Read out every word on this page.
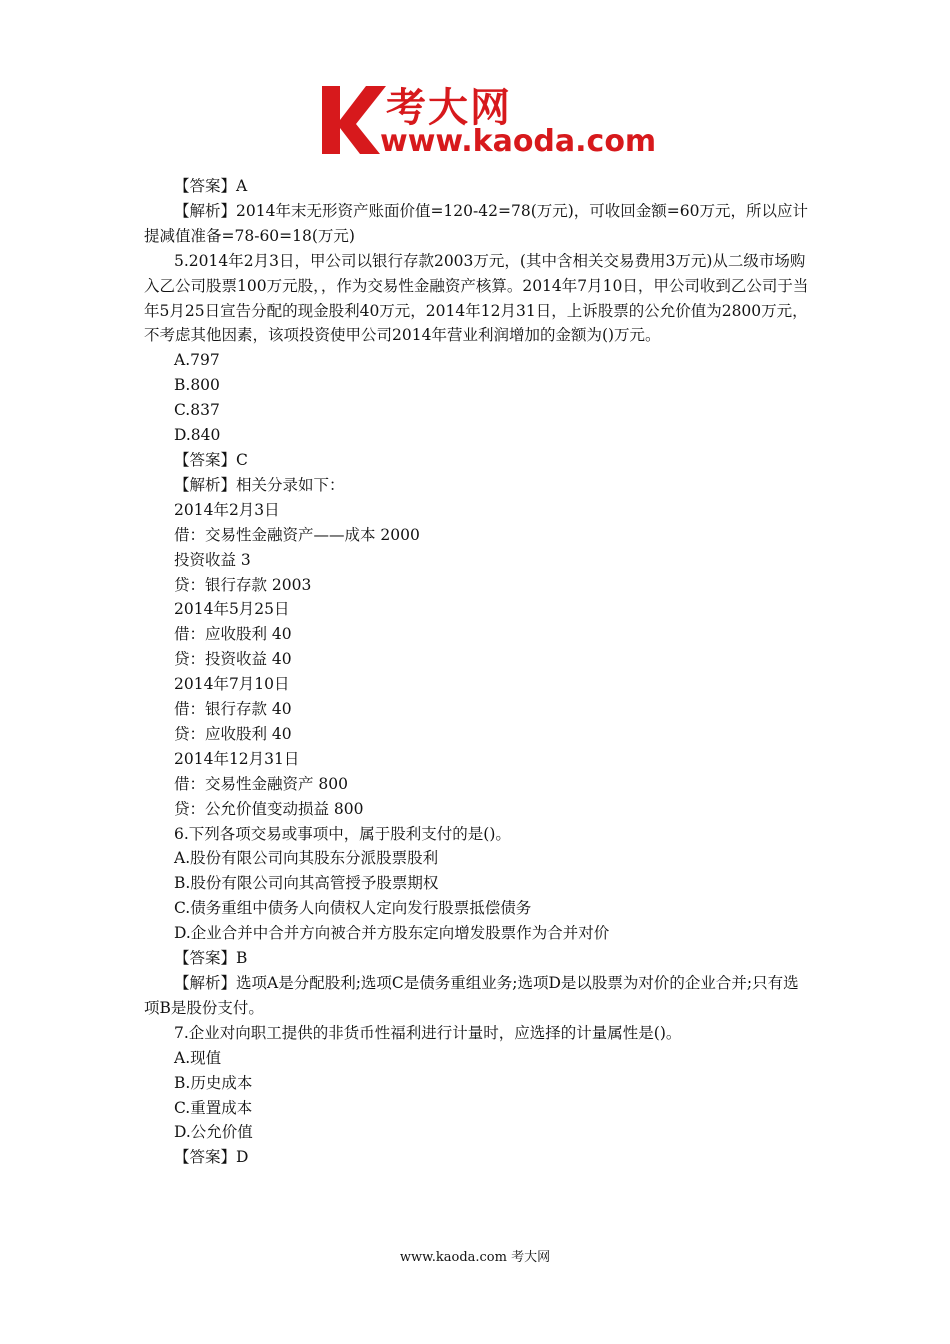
考大网
www.kaoda.com

【答案】A

【解析】2014年末无形资产账面价值=120-42=78(万元)，可收回金额=60万元，所以应计提减值准备=78-60=18(万元)

5.2014年2月3日，甲公司以银行存款2003万元，(其中含相关交易费用3万元)从二级市场购入乙公司股票100万元股，，作为交易性金融资产核算。2014年7月10日，甲公司收到乙公司于当年5月25日宣告分配的现金股利40万元，2014年12月31日，上诉股票的公允价值为2800万元，不考虑其他因素，该项投资使甲公司2014年营业利润增加的金额为()万元。

A.797

B.800

C.837

D.840

【答案】C

【解析】相关分录如下：

2014年2月3日

借：交易性金融资产——成本 2000

投资收益 3

贷：银行存款 2003

2014年5月25日

借：应收股利 40

贷：投资收益 40

2014年7月10日

借：银行存款 40

贷：应收股利 40

2014年12月31日

借：交易性金融资产 800

贷：公允价值变动损益 800

6.下列各项交易或事项中，属于股利支付的是()。

A.股份有限公司向其股东分派股票股利

B.股份有限公司向其高管授予股票期权

C.债务重组中债务人向债权人定向发行股票抵偿债务

D.企业合并中合并方向被合并方股东定向增发股票作为合并对价

【答案】B

【解析】选项A是分配股利;选项C是债务重组业务;选项D是以股票为对价的企业合并;只有选项B是股份支付。

7.企业对向职工提供的非货币性福利进行计量时，应选择的计量属性是()。

A.现值

B.历史成本

C.重置成本

D.公允价值

【答案】D

www.kaoda.com 考大网
